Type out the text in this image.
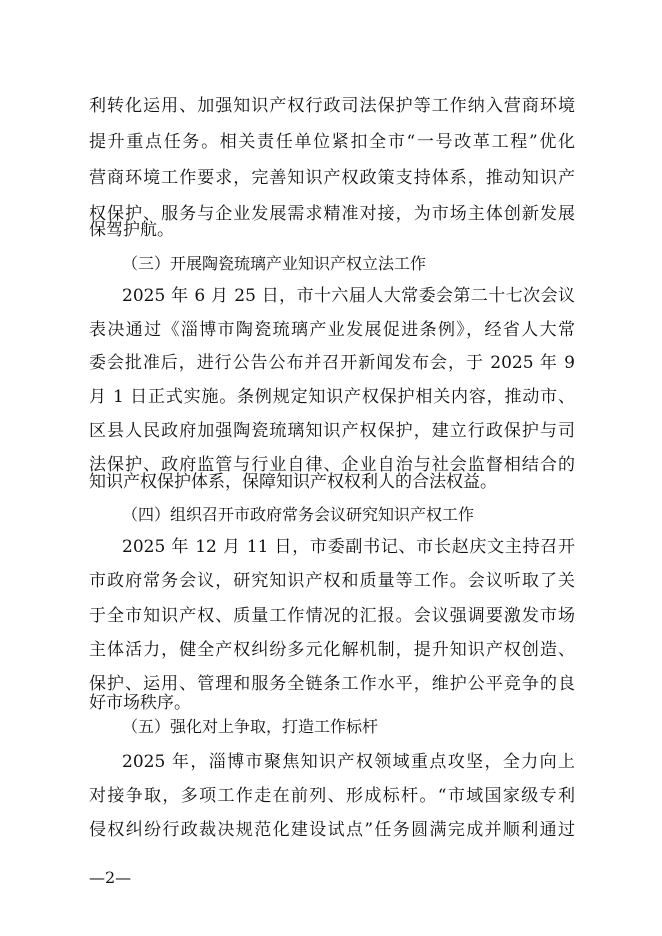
利转化运用、加强知识产权行政司法保护等工作纳入营商环境
提升重点任务。相关责任单位紧扣全市“一号改革工程”优化
营商环境工作要求，完善知识产权政策支持体系，推动知识产
权保护、服务与企业发展需求精准对接，为市场主体创新发展
保驾护航。
（三）开展陶瓷琉璃产业知识产权立法工作
2025 年 6 月 25 日，市十六届人大常委会第二十七次会议
表决通过《淄博市陶瓷琉璃产业发展促进条例》，经省人大常
委会批准后，进行公告公布并召开新闻发布会，于 2025 年 9
月 1 日正式实施。条例规定知识产权保护相关内容，推动市、
区县人民政府加强陶瓷琉璃知识产权保护，建立行政保护与司
法保护、政府监管与行业自律、企业自治与社会监督相结合的
知识产权保护体系，保障知识产权权利人的合法权益。
（四）组织召开市政府常务会议研究知识产权工作
2025 年 12 月 11 日，市委副书记、市长赵庆文主持召开
市政府常务会议，研究知识产权和质量等工作。会议听取了关
于全市知识产权、质量工作情况的汇报。会议强调要激发市场
主体活力，健全产权纠纷多元化解机制，提升知识产权创造、
保护、运用、管理和服务全链条工作水平，维护公平竞争的良
好市场秩序。
（五）强化对上争取，打造工作标杆
2025 年，淄博市聚焦知识产权领域重点攻坚，全力向上
对接争取，多项工作走在前列、形成标杆。“市域国家级专利
侵权纠纷行政裁决规范化建设试点”任务圆满完成并顺利通过
—2—
